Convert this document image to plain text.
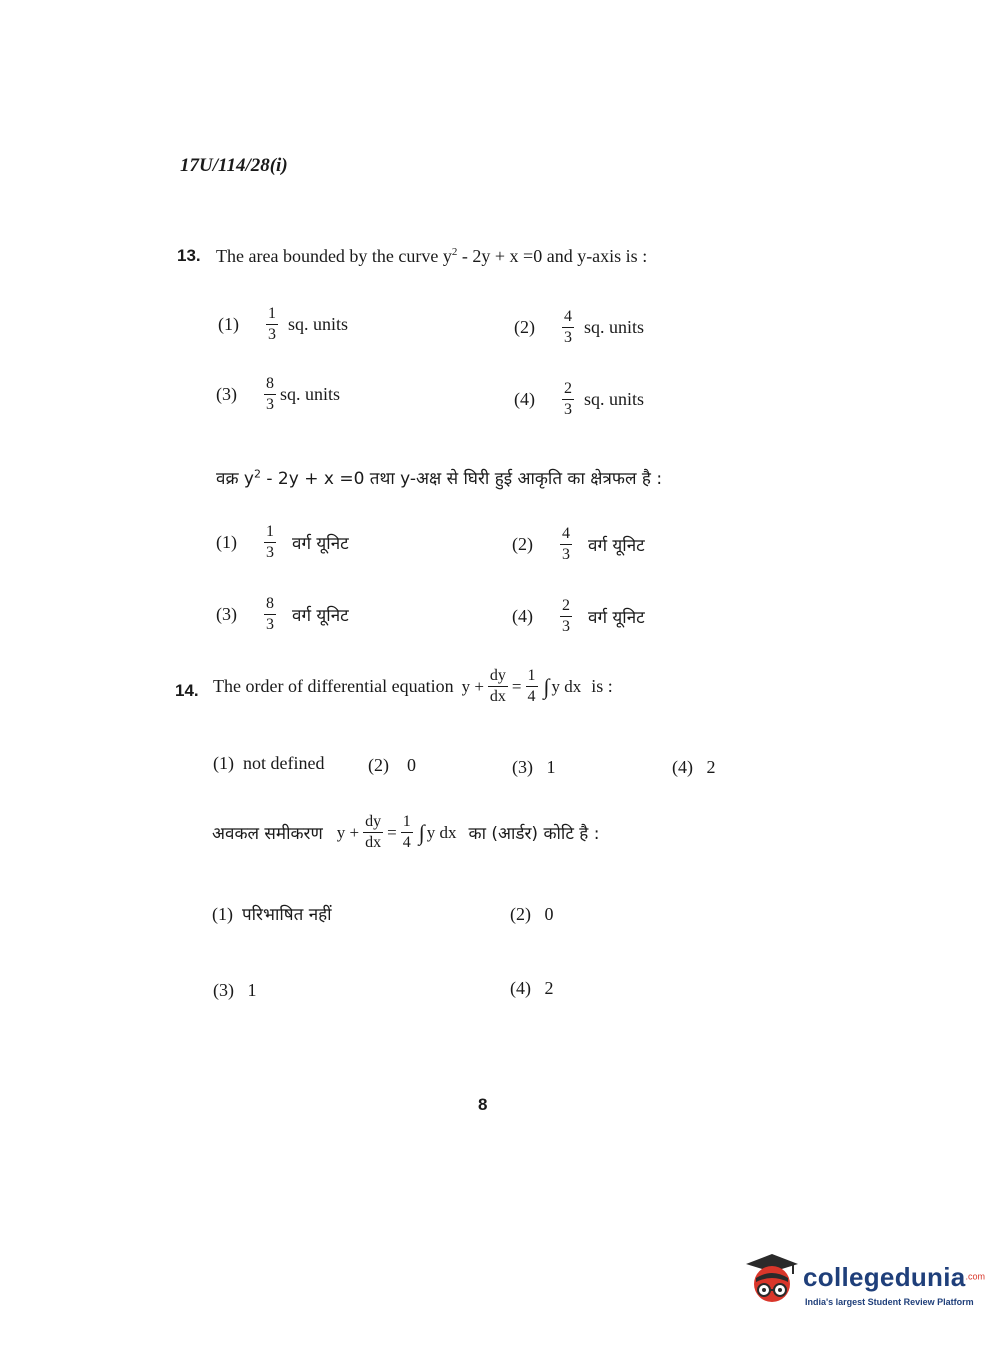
17U/114/28(i)
13. The area bounded by the curve $y^2 - 2y + x =0$ and y-axis is :
(1)	$\frac{1}{3}$ sq. units	(2)	$\frac{4}{3}$ sq. units
(3)	$\frac{8}{3}$ sq. units	(4)	$\frac{2}{3}$ sq. units
वक्र $y^2 - 2y + x =0$ तथा y-अक्ष से घिरी हुई आकृति का क्षेत्रफल है :
(1)	$\frac{1}{3}$ वर्ग यूनिट	(2)	$\frac{4}{3}$ वर्ग यूनिट
(3)	$\frac{8}{3}$ वर्ग यूनिट	(4)	$\frac{2}{3}$ वर्ग यूनिट
14. The order of differential equation $y + \frac{dy}{dx} = \frac{1}{4}$ ∫ y dx is :
(1) not defined (2) 0	(3) 1	(4) 2
अवकल समीकरण $y + \frac{dy}{dx} = \frac{1}{4}$ ∫ y dx का (आर्डर) कोटि है :
(1) परिभाषित नहीं	(2) 0
(3) 1	(4) 2
8
collegedunia$^{.com}$
India's largest Student Review Platform
